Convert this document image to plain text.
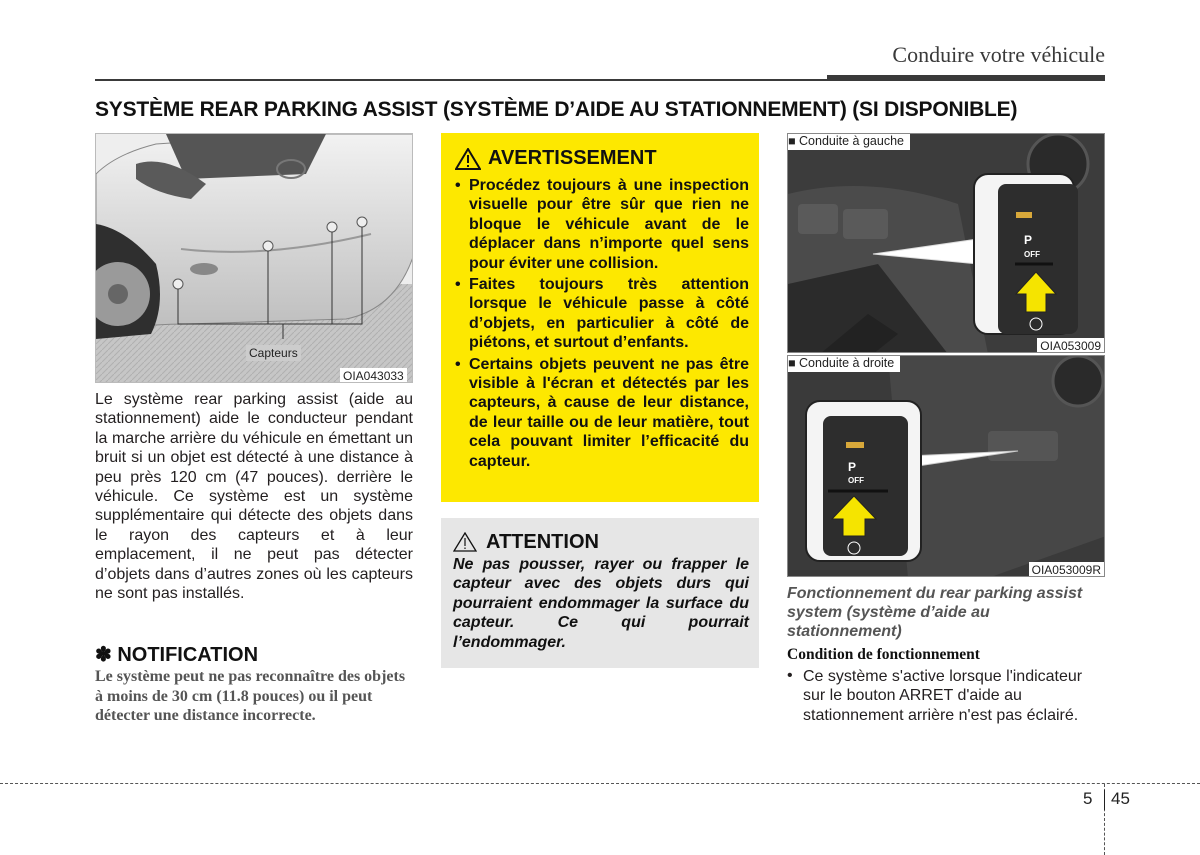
Conduire votre véhicule
SYSTÈME REAR PARKING ASSIST (SYSTÈME D’AIDE AU STATIONNEMENT) (SI DISPONIBLE)
Capteurs
OIA043033
Le système rear parking assist (aide au stationnement) aide le conducteur pendant la marche arrière du véhicule en émettant un bruit si un objet est détecté à une distance à peu près 120 cm (47 pouces). derrière le véhicule. Ce système est un système supplémentaire qui détecte des objets dans le rayon des capteurs et à leur emplacement, il ne peut pas détecter d’objets dans d’autres zones où les capteurs ne sont pas installés.
✽ NOTIFICATION
Le système peut ne pas reconnaître des objets à moins de 30 cm (11.8 pouces) ou il peut détecter une distance incorrecte.
AVERTISSEMENT
• Procédez toujours à une inspection visuelle pour être sûr que rien ne bloque le véhicule avant de le déplacer dans n’importe quel sens pour éviter une collision.
• Faites toujours très attention lorsque le véhicule passe à côté d’objets, en particulier à côté de piétons, et surtout d’enfants.
• Certains objets peuvent ne pas être visible à l'écran et détectés par les capteurs, à cause de leur distance, de leur taille ou de leur matière, tout cela pouvant limiter l’efficacité du capteur.
ATTENTION
Ne pas pousser, rayer ou frapper le capteur avec des objets durs qui pourraient endommager la surface du capteur. Ce qui pourrait l’endommager.
P
OFF
■ Conduite à gauche
OIA053009
P
OFF
■ Conduite à droite
OIA053009R
Fonctionnement du rear parking assist system (système d’aide au stationnement)
Condition de fonctionnement
• Ce système s'active lorsque l'indicateur sur le bouton ARRET d'aide au stationnement arrière n'est pas éclairé.
5 45
